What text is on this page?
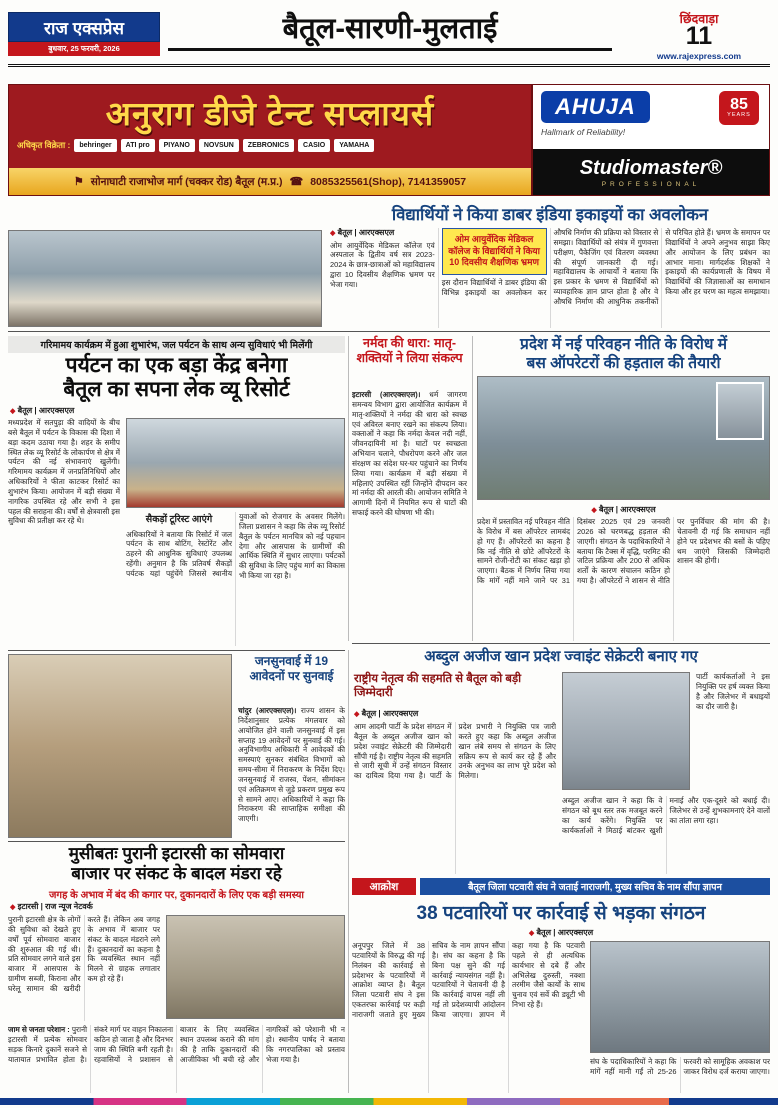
राज एक्सप्रेस
बुधवार, 25 फरवरी, 2026
बैतूल-सारणी-मुलताई	छिंदवाड़ा
11
www.rajexpress.com
अनुराग डीजे टेन्ट सप्लायर्स
अधिकृत विक्रेता :	behringer	ATI pro	PIYANO	NOVSUN	ZEBRONICS	CASIO	YAMAHA
⚑ सोनाघाटी राजाभोज मार्ग (चक्कर रोड) बैतूल (म.प्र.) ☎ 8085325561(Shop), 7141359057
AHUJA	85
YEARS
Hallmark of Reliability!
Studiomaster®
PROFESSIONAL
विद्यार्थियों ने किया डाबर इंडिया इकाइयों का अवलोकन
◆ बैतूल | आरएक्सएल

ओम आयुर्वेदिक मेडिकल कॉलेज एवं अस्पताल के द्वितीय वर्ष सत्र 2023-2024 के छात्र-छात्राओं को महाविद्यालय द्वारा 10 दिवसीय शैक्षणिक भ्रमण पर भेजा गया।

ओम आयुर्वेदिक मेडिकल कॉलेज के विद्यार्थियों ने किया 10 दिवसीय शैक्षणिक भ्रमण

इस दौरान विद्यार्थियों ने डाबर इंडिया की विभिन्न इकाइयों का अवलोकन कर औषधि निर्माण की प्रक्रिया को विस्तार से समझा। विद्यार्थियों को संयंत्र में गुणवत्ता परीक्षण, पैकेजिंग एवं वितरण व्यवस्था की संपूर्ण जानकारी दी गई। महाविद्यालय के आचार्यों ने बताया कि इस प्रकार के भ्रमण से विद्यार्थियों को व्यावहारिक ज्ञान प्राप्त होता है और वे औषधि निर्माण की आधुनिक तकनीकों से परिचित होते हैं। भ्रमण के समापन पर विद्यार्थियों ने अपने अनुभव साझा किए और आयोजन के लिए प्रबंधन का आभार माना। मार्गदर्शक शिक्षकों ने इकाइयों की कार्यप्रणाली के विषय में विद्यार्थियों की जिज्ञासाओं का समाधान किया और हर चरण का महत्व समझाया।

गरिमामय कार्यक्रम में हुआ शुभारंभ, जल पर्यटन के साथ अन्य सुविधाएं भी मिलेंगी
पर्यटन का एक बड़ा केंद्र बनेगा
बैतूल का सपना लेक व्यू रिसोर्ट
◆ बैतूल | आरएक्सएल

मध्यप्रदेश में सतपुड़ा की वादियों के बीच बसे बैतूल में पर्यटन के विकास की दिशा में बड़ा कदम उठाया गया है। शहर के समीप स्थित लेक व्यू रिसोर्ट के लोकार्पण से क्षेत्र में पर्यटन की नई संभावनाएं खुलेंगी। गरिमामय कार्यक्रम में जनप्रतिनिधियों और अधिकारियों ने फीता काटकर रिसोर्ट का शुभारंभ किया। आयोजन में बड़ी संख्या में नागरिक उपस्थित रहे और सभी ने इस पहल की सराहना की। वर्षों से क्षेत्रवासी इस सुविधा की प्रतीक्षा कर रहे थे।	सैकड़ों टूरिस्ट आएंगे

अधिकारियों ने बताया कि रिसोर्ट में जल पर्यटन के साथ बोटिंग, रेस्टोरेंट और ठहरने की आधुनिक सुविधाएं उपलब्ध रहेंगी। अनुमान है कि प्रतिवर्ष सैकड़ों पर्यटक यहां पहुंचेंगे जिससे स्थानीय युवाओं को रोजगार के अवसर मिलेंगे। जिला प्रशासन ने कहा कि लेक व्यू रिसोर्ट बैतूल के पर्यटन मानचित्र को नई पहचान देगा और आसपास के ग्रामीणों की आर्थिक स्थिति में सुधार लाएगा। पर्यटकों की सुविधा के लिए पहुंच मार्ग का विकास भी किया जा रहा है।

नर्मदा की धारा: मातृ-शक्तियों ने लिया संकल्प

इटारसी (आरएक्सएल)। धर्म जागरण समन्वय विभाग द्वारा आयोजित कार्यक्रम में मातृ-शक्तियों ने नर्मदा की धारा को स्वच्छ एवं अविरल बनाए रखने का संकल्प लिया। वक्ताओं ने कहा कि नर्मदा केवल नदी नहीं, जीवनदायिनी मां है। घाटों पर स्वच्छता अभियान चलाने, पौधरोपण करने और जल संरक्षण का संदेश घर-घर पहुंचाने का निर्णय लिया गया। कार्यक्रम में बड़ी संख्या में महिलाएं उपस्थित रहीं जिन्होंने दीपदान कर मां नर्मदा की आरती की। आयोजन समिति ने आगामी दिनों में नियमित रूप से घाटों की सफाई करने की घोषणा भी की।

प्रदेश में नई परिवहन नीति के विरोध में
बस ऑपरेटरों की हड़ताल की तैयारी
◆ बैतूल | आरएक्सएल

प्रदेश में प्रस्तावित नई परिवहन नीति के विरोध में बस ऑपरेटर लामबंद हो गए हैं। ऑपरेटरों का कहना है कि नई नीति से छोटे ऑपरेटरों के सामने रोजी-रोटी का संकट खड़ा हो जाएगा। बैठक में निर्णय लिया गया कि मांगें नहीं माने जाने पर 31 दिसंबर 2025 एवं 29 जनवरी 2026 को चरणबद्ध हड़ताल की जाएगी। संगठन के पदाधिकारियों ने बताया कि टैक्स में वृद्धि, परमिट की जटिल प्रक्रिया और 200 से अधिक शर्तों के कारण संचालन कठिन हो गया है। ऑपरेटरों ने शासन से नीति पर पुनर्विचार की मांग की है। चेतावनी दी गई कि समाधान नहीं होने पर प्रदेशभर की बसों के पहिए थम जाएंगे जिसकी जिम्मेदारी शासन की होगी।

अब्दुल अजीज खान प्रदेश ज्वाइंट सेक्रेटरी बनाए गए
राष्ट्रीय नेतृत्व की सहमति से बैतूल को बड़ी जिम्मेदारी
◆ बैतूल | आरएक्सएल

आम आदमी पार्टी के प्रदेश संगठन में बैतूल के अब्दुल अजीज खान को प्रदेश ज्वाइंट सेक्रेटरी की जिम्मेदारी सौंपी गई है। राष्ट्रीय नेतृत्व की सहमति से जारी सूची में उन्हें संगठन विस्तार का दायित्व दिया गया है। पार्टी के प्रदेश प्रभारी ने नियुक्ति पत्र जारी करते हुए कहा कि अब्दुल अजीज खान लंबे समय से संगठन के लिए सक्रिय रूप से कार्य कर रहे हैं और उनके अनुभव का लाभ पूरे प्रदेश को मिलेगा।

पार्टी कार्यकर्ताओं ने इस नियुक्ति पर हर्ष व्यक्त किया है और जिलेभर में बधाइयों का दौर जारी है।

अब्दुल अजीज खान ने कहा कि वे संगठन को बूथ स्तर तक मजबूत करने का कार्य करेंगे। नियुक्ति पर कार्यकर्ताओं ने मिठाई बांटकर खुशी मनाई और एक-दूसरे को बधाई दी। जिलेभर से उन्हें शुभकामनाएं देने वालों का तांता लगा रहा।

जनसुनवाई में 19 आवेदनों पर सुनवाई

चांदुर (आरएक्सएल)। राज्य शासन के निर्देशानुसार प्रत्येक मंगलवार को आयोजित होने वाली जनसुनवाई में इस सप्ताह 19 आवेदनों पर सुनवाई की गई। अनुविभागीय अधिकारी ने आवेदकों की समस्याएं सुनकर संबंधित विभागों को समय-सीमा में निराकरण के निर्देश दिए। जनसुनवाई में राजस्व, पेंशन, सीमांकन एवं अतिक्रमण से जुड़े प्रकरण प्रमुख रूप से सामने आए। अधिकारियों ने कहा कि निराकरण की साप्ताहिक समीक्षा की जाएगी।

मुसीबतः पुरानी इटारसी का सोमवारा
बाजार पर संकट के बादल मंडरा रहे
जगह के अभाव में बंद की कगार पर, दुकानदारों के लिए एक बड़ी समस्या
◆ इटारसी | राज न्यूज नेटवर्क

पुरानी इटारसी क्षेत्र के लोगों की सुविधा को देखते हुए वर्षों पूर्व सोमवारा बाजार की शुरुआत की गई थी। प्रति सोमवार लगने वाले इस बाजार में आसपास के ग्रामीण सब्जी, किराना और घरेलू सामान की खरीदी करते हैं। लेकिन अब जगह के अभाव में बाजार पर संकट के बादल मंडराने लगे हैं। दुकानदारों का कहना है कि व्यवस्थित स्थान नहीं मिलने से ग्राहक लगातार कम हो रहे हैं।

जाम से जनता परेशान : पुरानी इटारसी में प्रत्येक सोमवार सड़क किनारे दुकानें सजने से यातायात प्रभावित होता है। संकरे मार्ग पर वाहन निकालना कठिन हो जाता है और दिनभर जाम की स्थिति बनी रहती है। रहवासियों ने प्रशासन से बाजार के लिए व्यवस्थित स्थान उपलब्ध कराने की मांग की है ताकि दुकानदारों की आजीविका भी बची रहे और नागरिकों को परेशानी भी न हो। स्थानीय पार्षद ने बताया कि नगरपालिका को प्रस्ताव भेजा गया है।

आक्रोश	बैतूल जिला पटवारी संघ ने जताई नाराजगी, मुख्य सचिव के नाम सौंपा ज्ञापन
38 पटवारियों पर कार्रवाई से भड़का संगठन
◆ बैतूल | आरएक्सएल

अनूपपुर जिले में 38 पटवारियों के विरुद्ध की गई निलंबन की कार्रवाई से प्रदेशभर के पटवारियों में आक्रोश व्याप्त है। बैतूल जिला पटवारी संघ ने इस एकतरफा कार्रवाई पर कड़ी नाराजगी जताते हुए मुख्य सचिव के नाम ज्ञापन सौंपा है। संघ का कहना है कि बिना पक्ष सुने की गई कार्रवाई न्यायसंगत नहीं है। पटवारियों ने चेतावनी दी है कि कार्रवाई वापस नहीं ली गई तो प्रदेशव्यापी आंदोलन किया जाएगा। ज्ञापन में कहा गया है कि पटवारी पहले से ही अत्यधिक कार्यभार से दबे हैं और अभिलेख दुरुस्ती, नक्शा तरमीम जैसे कार्यों के साथ चुनाव एवं सर्वे की ड्यूटी भी निभा रहे हैं।

संघ के पदाधिकारियों ने कहा कि मांगें नहीं मानी गईं तो 25-26 फरवरी को सामूहिक अवकाश पर जाकर विरोध दर्ज कराया जाएगा।
